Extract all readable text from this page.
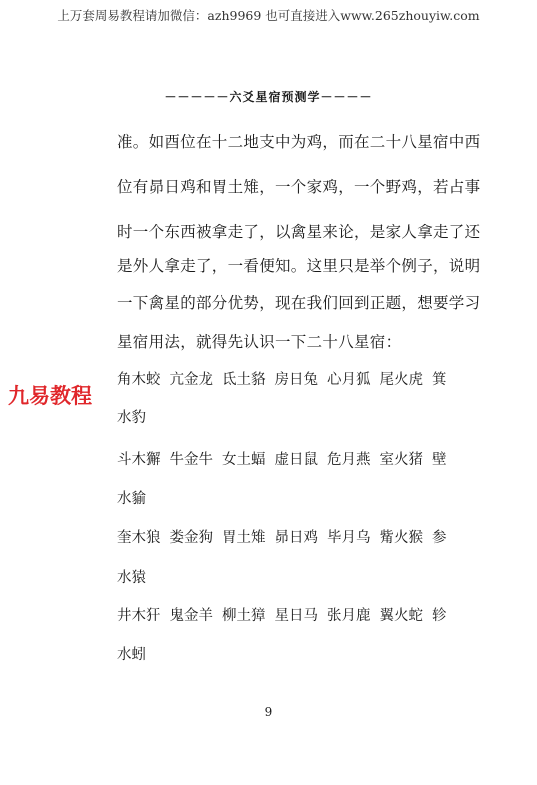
上万套周易教程请加微信：azh9969 也可直接进入www.265zhouyiw.com
－－－－－六爻星宿预测学－－－－
准。如酉位在十二地支中为鸡，而在二十八星宿中西
位有昴日鸡和胃土雉，一个家鸡，一个野鸡，若占事
时一个东西被拿走了，以禽星来论，是家人拿走了还
是外人拿走了，一看便知。这里只是举个例子，说明
一下禽星的部分优势，现在我们回到正题，想要学习
星宿用法，就得先认识一下二十八星宿：
角木蛟 亢金龙 氐土貉 房日兔 心月狐 尾火虎 箕
水豹
斗木獬 牛金牛 女土蝠 虚日鼠 危月燕 室火猪 壁
水貐
奎木狼 娄金狗 胃土雉 昴日鸡 毕月乌 觜火猴 参
水猿
井木犴 鬼金羊 柳土獐 星日马 张月鹿 翼火蛇 轸
水蚓
九易教程
9
